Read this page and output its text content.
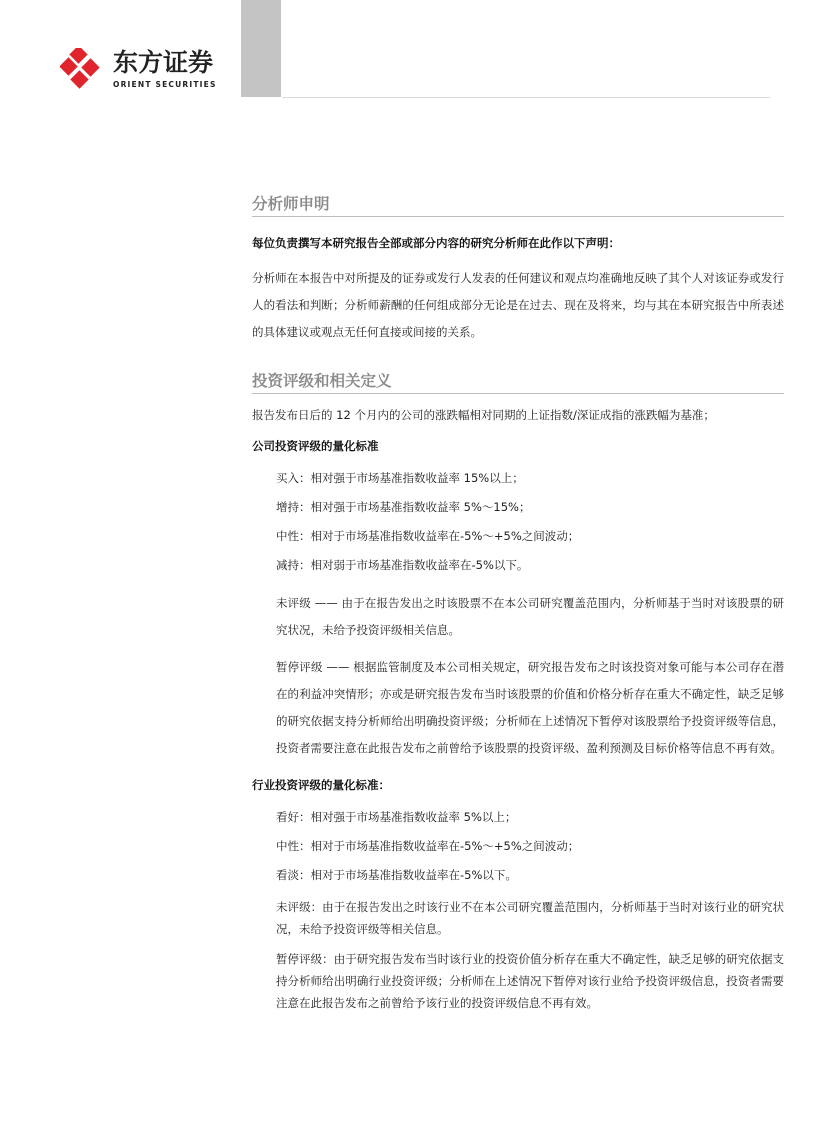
东方证券
ORIENT SECURITIES
分析师申明

每位负责撰写本研究报告全部或部分内容的研究分析师在此作以下声明：

分析师在本报告中对所提及的证券或发行人发表的任何建议和观点均准确地反映了其个人对该证券或发行人的看法和判断；分析师薪酬的任何组成部分无论是在过去、现在及将来，均与其在本研究报告中所表述的具体建议或观点无任何直接或间接的关系。

投资评级和相关定义

报告发布日后的 12 个月内的公司的涨跌幅相对同期的上证指数/深证成指的涨跌幅为基准；

公司投资评级的量化标准

买入：相对强于市场基准指数收益率 15%以上；

增持：相对强于市场基准指数收益率 5%～15%；

中性：相对于市场基准指数收益率在-5%～+5%之间波动；

减持：相对弱于市场基准指数收益率在-5%以下。

未评级 —— 由于在报告发出之时该股票不在本公司研究覆盖范围内，分析师基于当时对该股票的研究状况，未给予投资评级相关信息。

暂停评级 —— 根据监管制度及本公司相关规定，研究报告发布之时该投资对象可能与本公司存在潜在的利益冲突情形；亦或是研究报告发布当时该股票的价值和价格分析存在重大不确定性，缺乏足够的研究依据支持分析师给出明确投资评级；分析师在上述情况下暂停对该股票给予投资评级等信息，投资者需要注意在此报告发布之前曾给予该股票的投资评级、盈利预测及目标价格等信息不再有效。

行业投资评级的量化标准：

看好：相对强于市场基准指数收益率 5%以上；

中性：相对于市场基准指数收益率在-5%～+5%之间波动；

看淡：相对于市场基准指数收益率在-5%以下。

未评级：由于在报告发出之时该行业不在本公司研究覆盖范围内，分析师基于当时对该行业的研究状况，未给予投资评级等相关信息。

暂停评级：由于研究报告发布当时该行业的投资价值分析存在重大不确定性，缺乏足够的研究依据支持分析师给出明确行业投资评级；分析师在上述情况下暂停对该行业给予投资评级信息，投资者需要注意在此报告发布之前曾给予该行业的投资评级信息不再有效。
